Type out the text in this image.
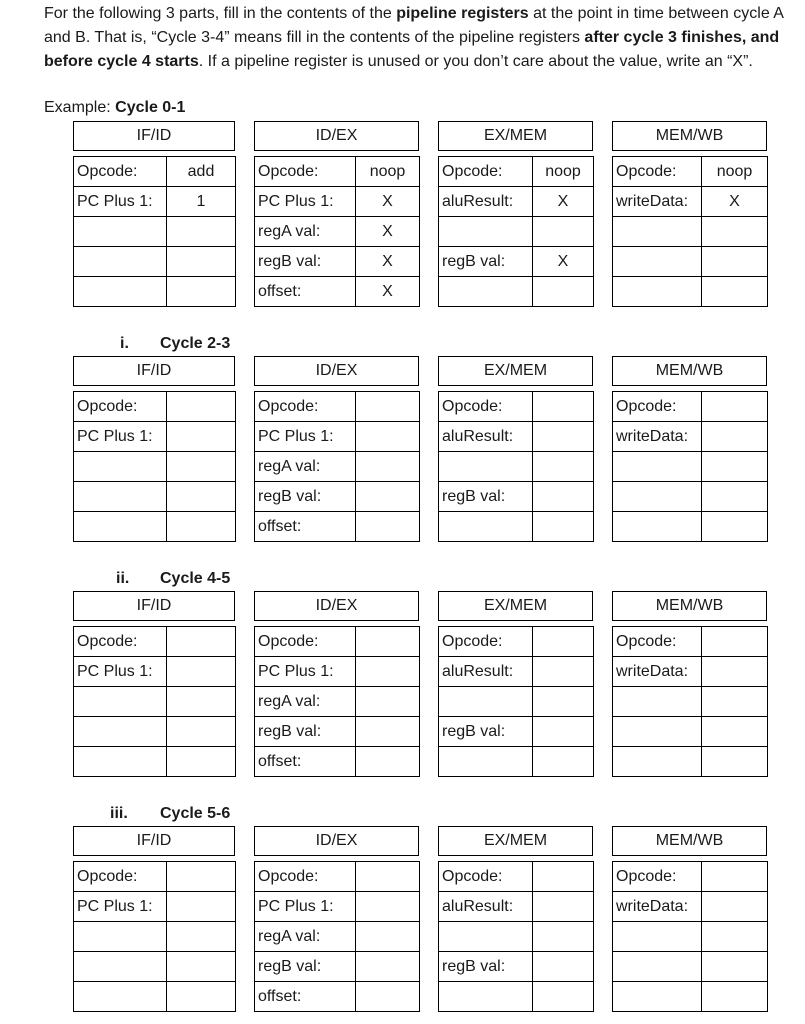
For the following 3 parts, fill in the contents of the pipeline registers at the point in time between cycle A and B. That is, “Cycle 3-4” means fill in the contents of the pipeline registers after cycle 3 finishes, and before cycle 4 starts. If a pipeline register is unused or you don’t care about the value, write an “X”.
Example: Cycle 0-1
i. Cycle 2-3
ii. Cycle 4-5
iii. Cycle 5-6
IF/ID
Opcode:	add
PC Plus 1:	1

ID/EX
Opcode:	noop
PC Plus 1:	X
regA val:	X
regB val:	X
offset:	X
EX/MEM
Opcode:	noop
aluResult:	X

regB val:	X

MEM/WB
Opcode:	noop
writeData:	X

IF/ID
Opcode:	
PC Plus 1:	

ID/EX
Opcode:	
PC Plus 1:	
regA val:	
regB val:	
offset:	
EX/MEM
Opcode:	
aluResult:	

regB val:	

MEM/WB
Opcode:	
writeData:	

IF/ID
Opcode:	
PC Plus 1:	

ID/EX
Opcode:	
PC Plus 1:	
regA val:	
regB val:	
offset:	
EX/MEM
Opcode:	
aluResult:	

regB val:	

MEM/WB
Opcode:	
writeData:	

IF/ID
Opcode:	
PC Plus 1:	

ID/EX
Opcode:	
PC Plus 1:	
regA val:	
regB val:	
offset:	
EX/MEM
Opcode:	
aluResult:	

regB val:	

MEM/WB
Opcode:	
writeData:	
